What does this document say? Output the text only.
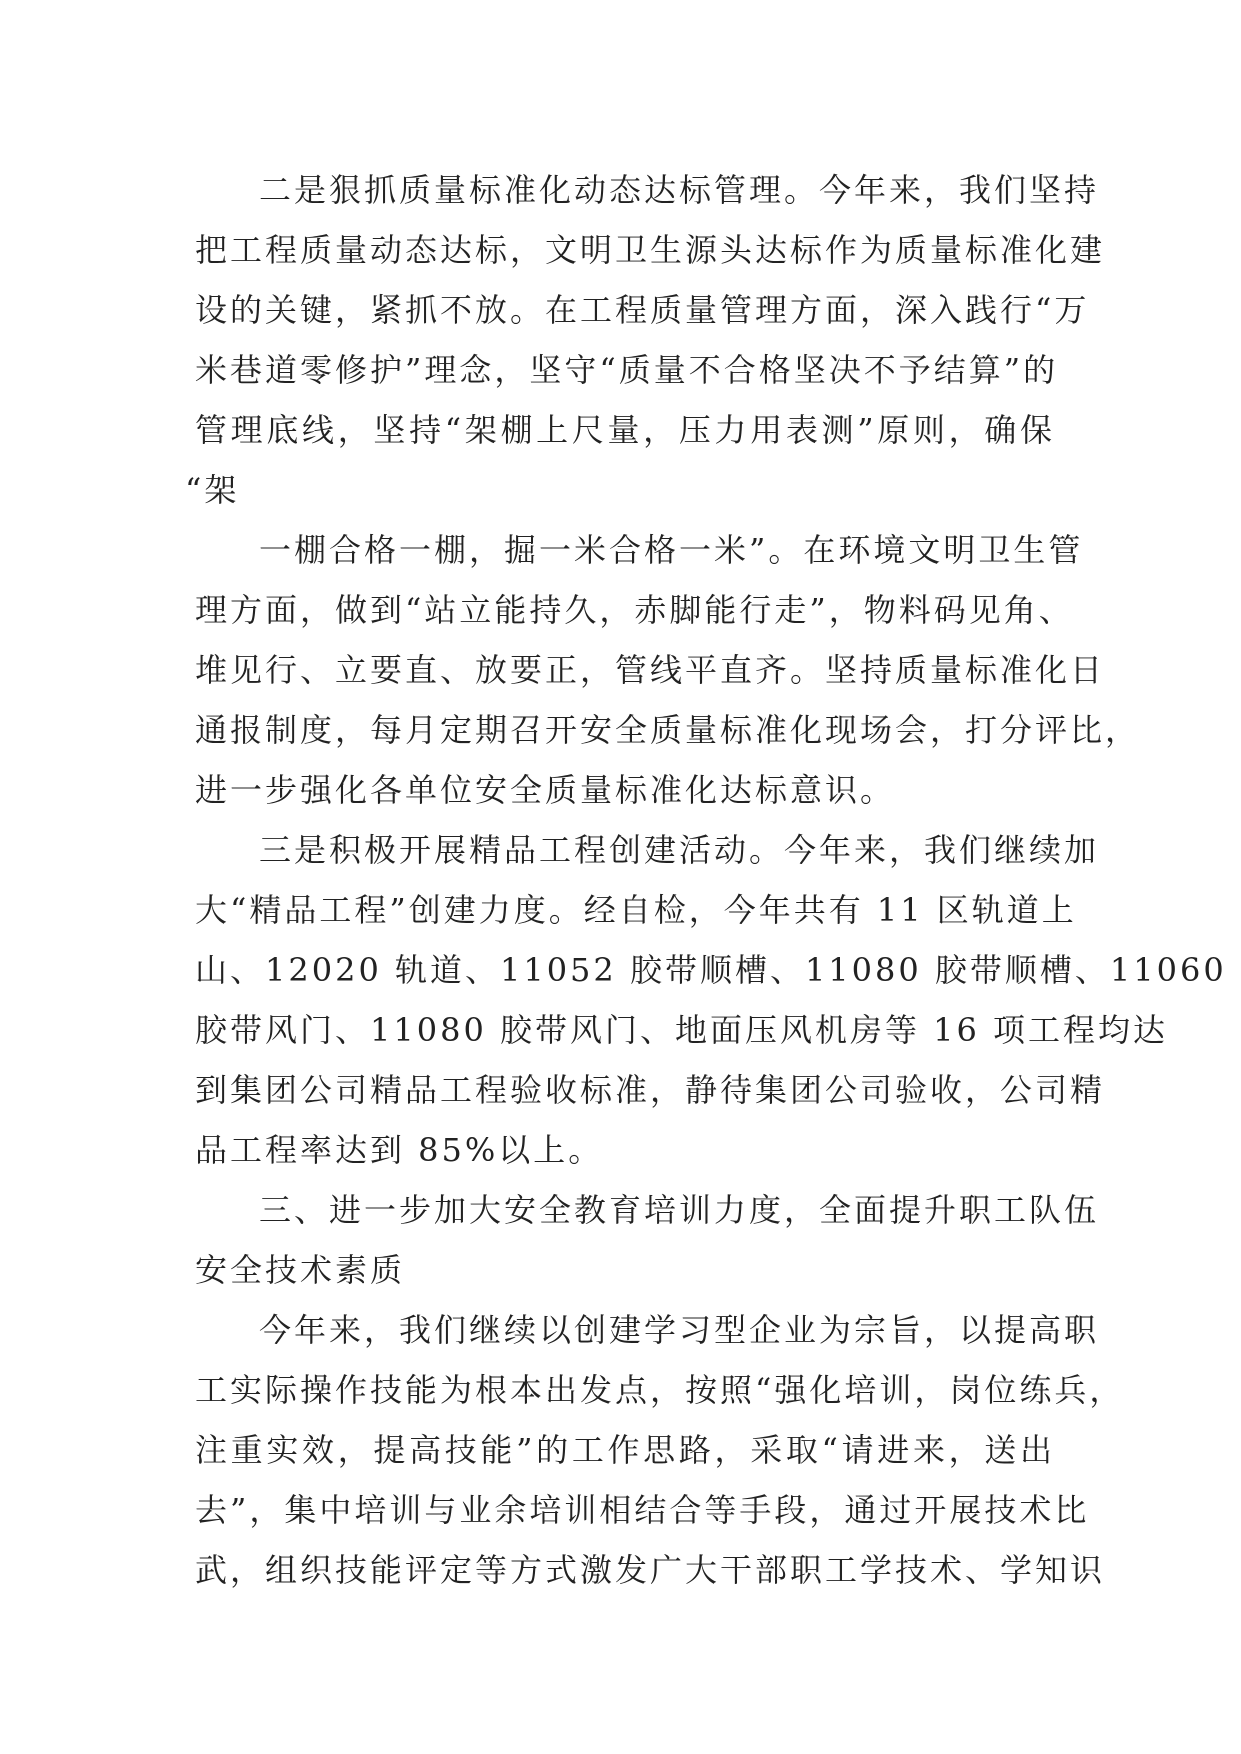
二是狠抓质量标准化动态达标管理。今年来，我们坚持
把工程质量动态达标，文明卫生源头达标作为质量标准化建
设的关键，紧抓不放。在工程质量管理方面，深入践行“万
米巷道零修护”理念，坚守“质量不合格坚决不予结算”的
管理底线，坚持“架棚上尺量，压力用表测”原则，确保
“架
一棚合格一棚，掘一米合格一米”。在环境文明卫生管
理方面，做到“站立能持久，赤脚能行走”，物料码见角、
堆见行、立要直、放要正，管线平直齐。坚持质量标准化日
通报制度，每月定期召开安全质量标准化现场会，打分评比，
进一步强化各单位安全质量标准化达标意识。
三是积极开展精品工程创建活动。今年来，我们继续加
大“精品工程”创建力度。经自检，今年共有 11 区轨道上
山、12020 轨道、11052 胶带顺槽、11080 胶带顺槽、11060
胶带风门、11080 胶带风门、地面压风机房等 16 项工程均达
到集团公司精品工程验收标准，静待集团公司验收，公司精
品工程率达到 85%以上。
三、进一步加大安全教育培训力度，全面提升职工队伍
安全技术素质
今年来，我们继续以创建学习型企业为宗旨，以提高职
工实际操作技能为根本出发点，按照“强化培训，岗位练兵，
注重实效，提高技能”的工作思路，采取“请进来，送出
去”，集中培训与业余培训相结合等手段，通过开展技术比
武，组织技能评定等方式激发广大干部职工学技术、学知识
